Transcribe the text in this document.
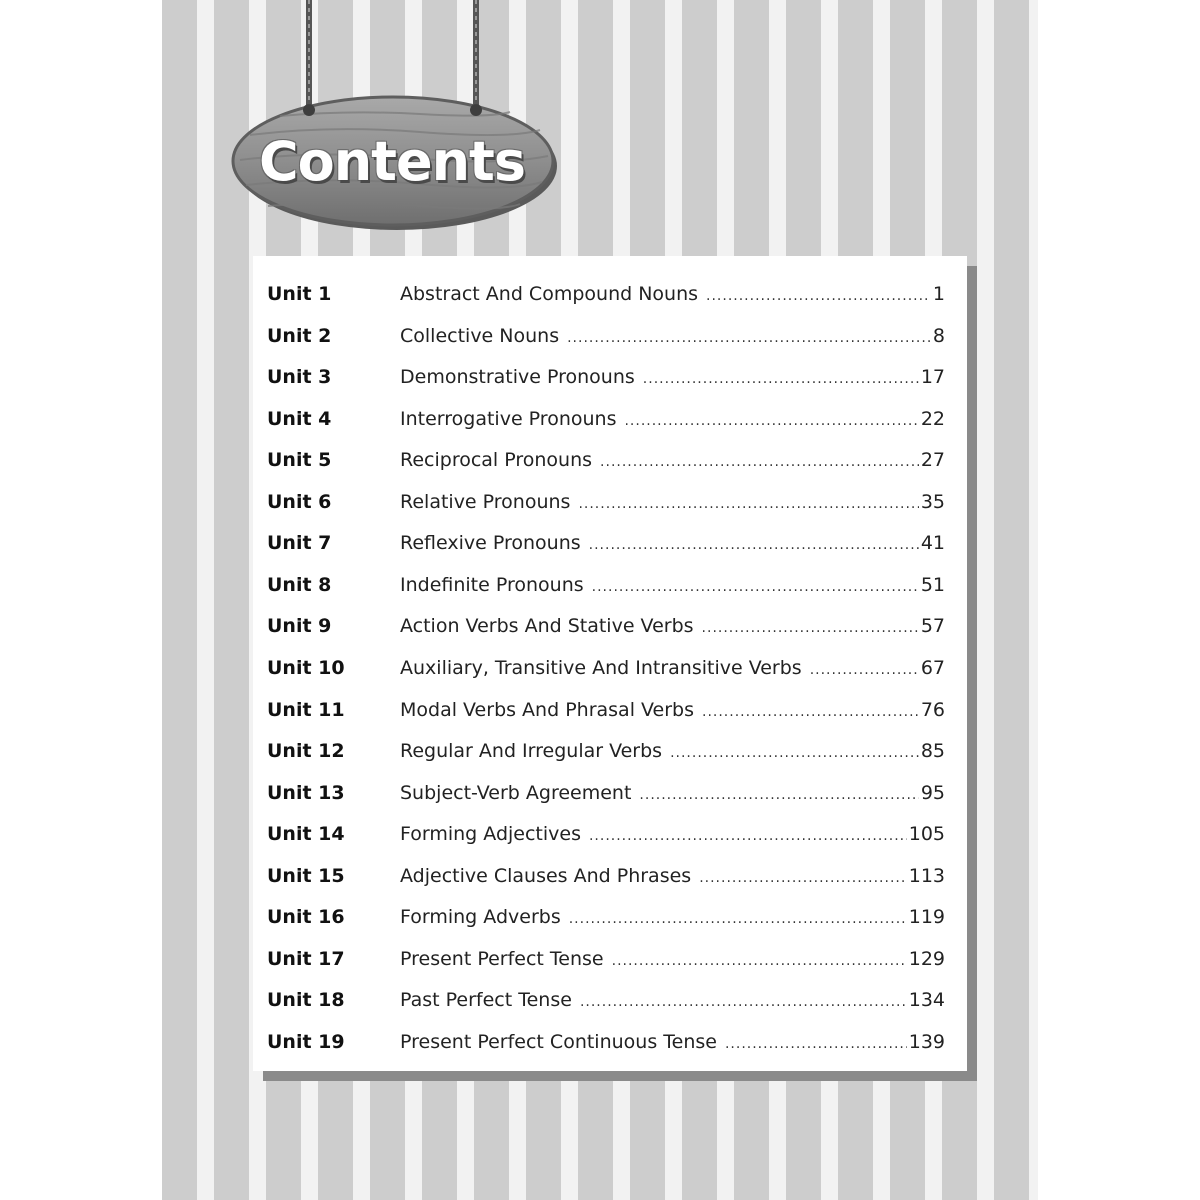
Contents
Unit 1	Abstract And Compound Nouns .....	1
Unit 2	Collective Nouns .....	8
Unit 3	Demonstrative Pronouns .....	17
Unit 4	Interrogative Pronouns .....	22
Unit 5	Reciprocal Pronouns .....	27
Unit 6	Relative Pronouns .....	35
Unit 7	Reflexive Pronouns .....	41
Unit 8	Indefinite Pronouns .....	51
Unit 9	Action Verbs And Stative Verbs .....	57
Unit 10	Auxiliary, Transitive And Intransitive Verbs .....	67
Unit 11	Modal Verbs And Phrasal Verbs .....	76
Unit 12	Regular And Irregular Verbs .....	85
Unit 13	Subject-Verb Agreement .....	95
Unit 14	Forming Adjectives .....	105
Unit 15	Adjective Clauses And Phrases .....	113
Unit 16	Forming Adverbs .....	119
Unit 17	Present Perfect Tense .....	129
Unit 18	Past Perfect Tense .....	134
Unit 19	Present Perfect Continuous Tense .....	139
